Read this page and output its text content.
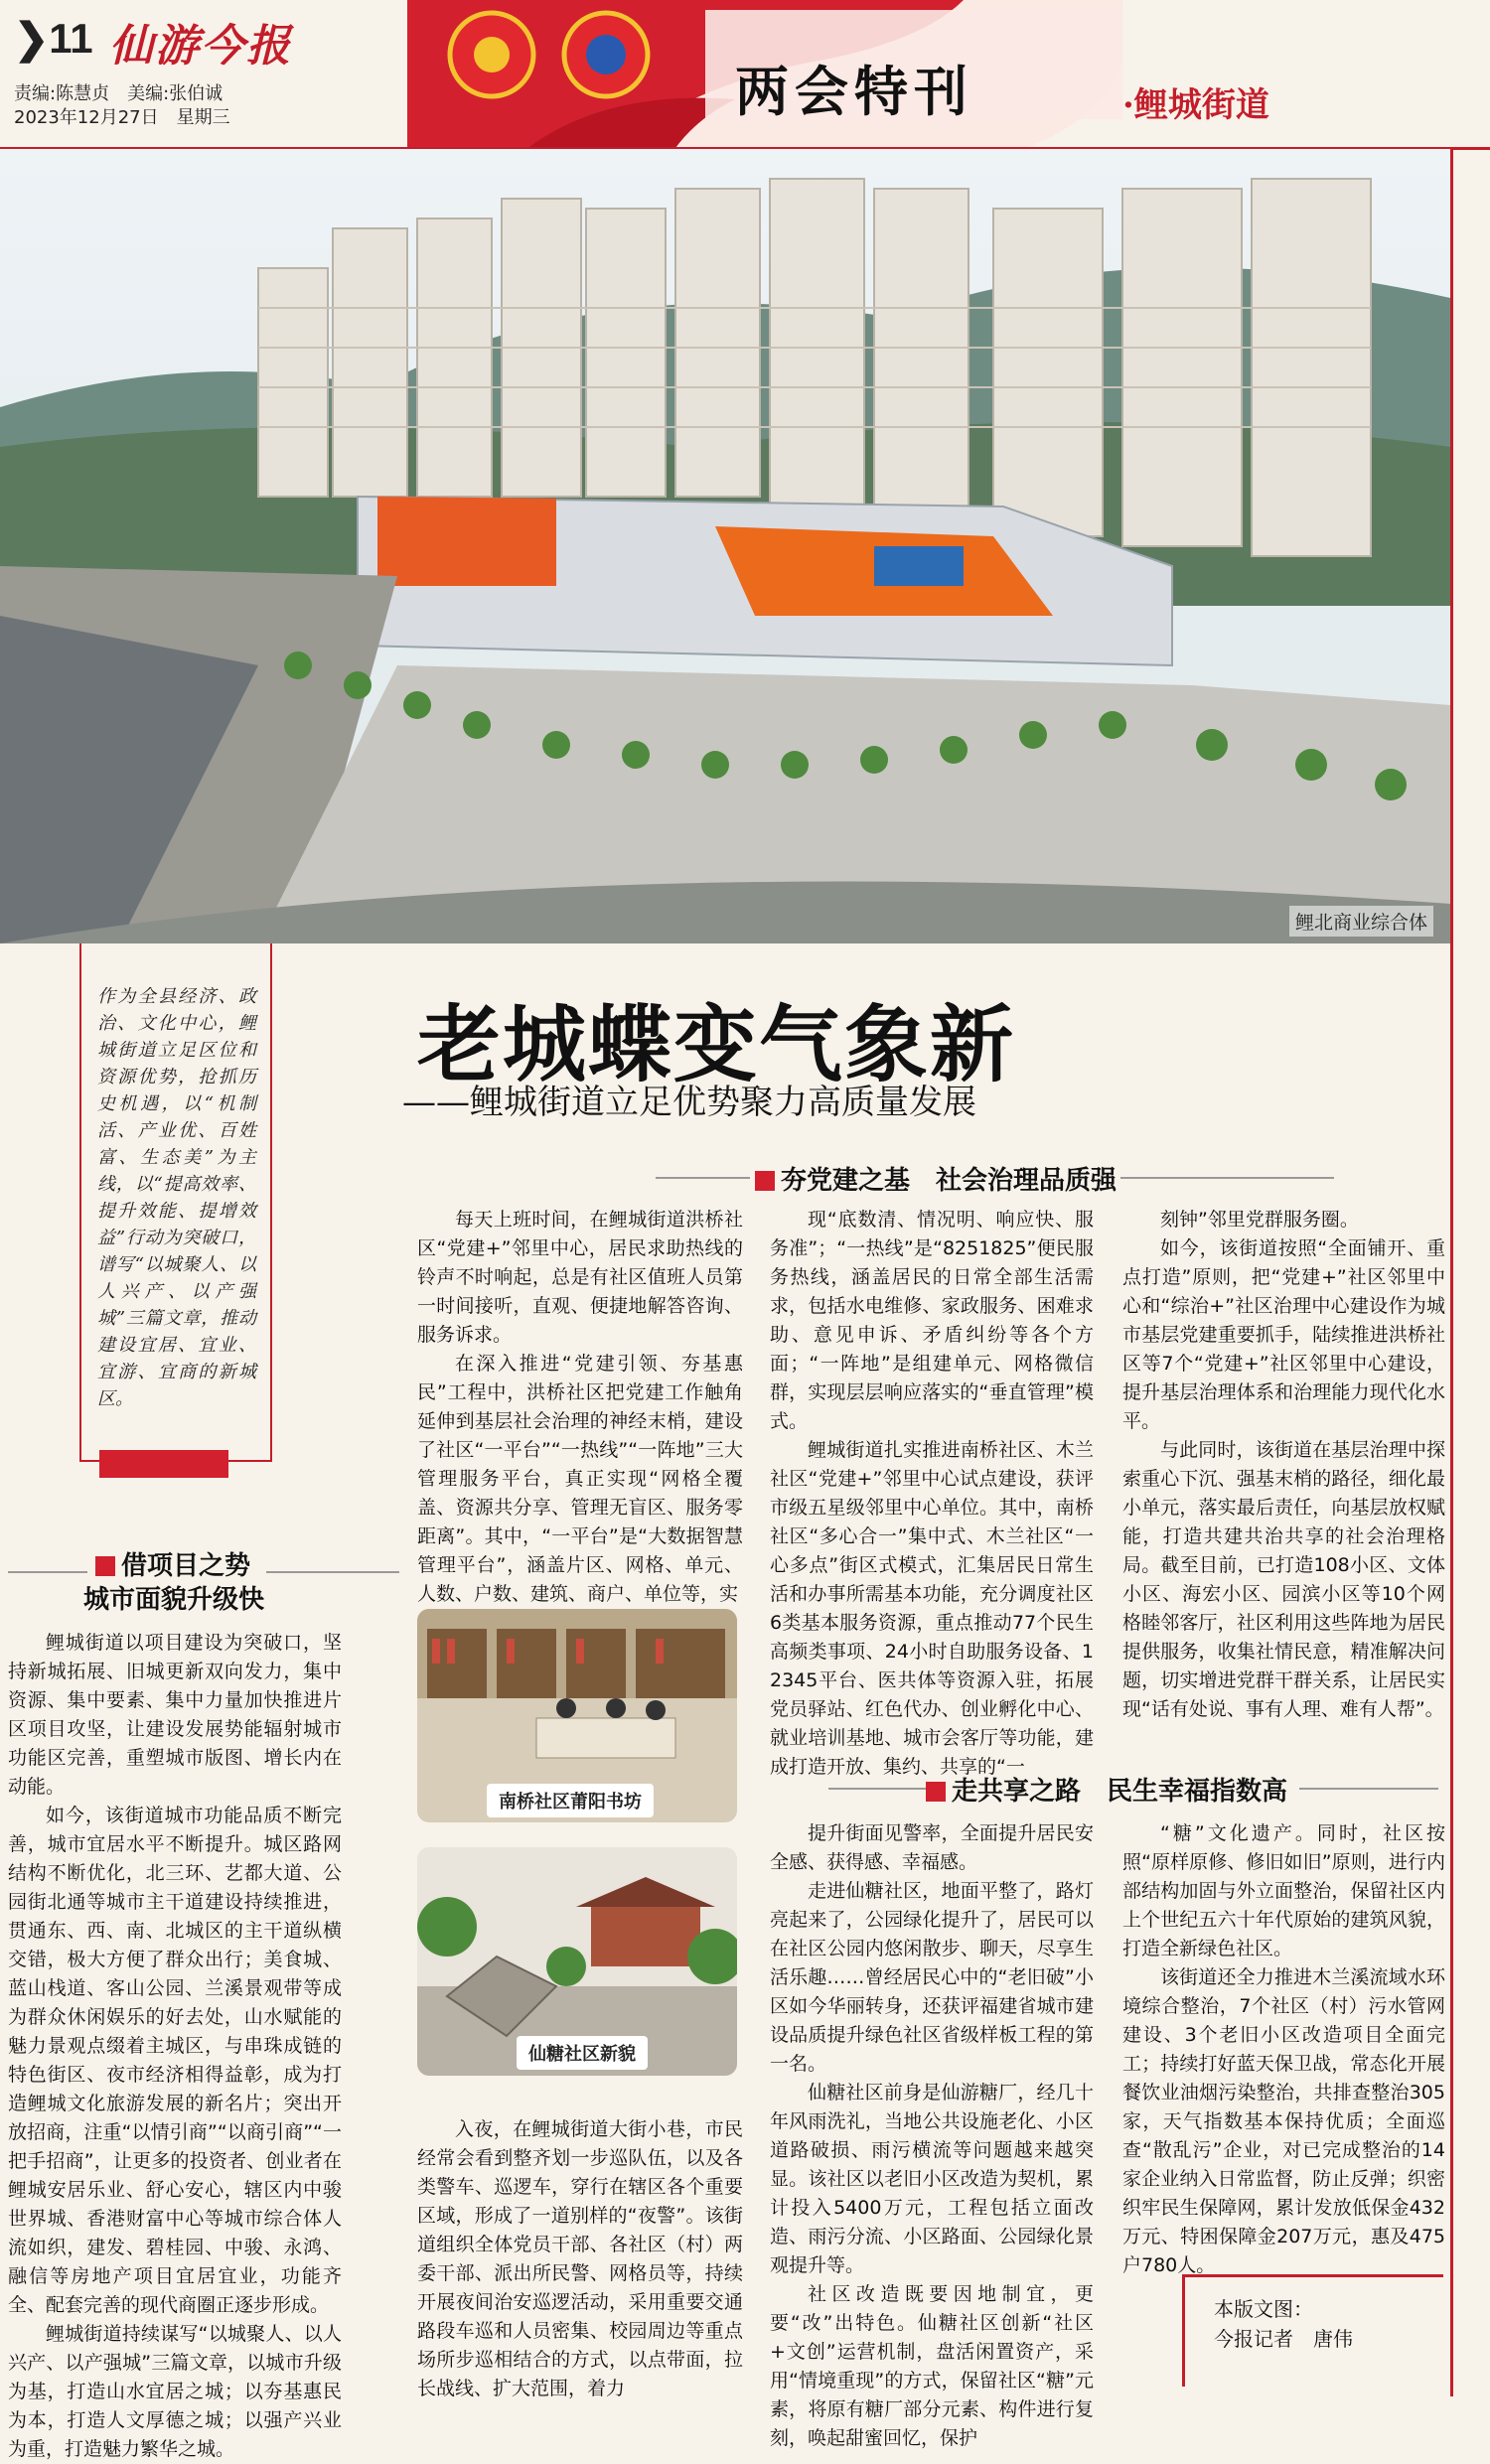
❯11 仙游今报
责编:陈慧贞　美编:张伯诚
2023年12月27日　星期三	两会特刊	·鲤城街道
鲤北商业综合体
作为全县经济、政治、文化中心，鲤城街道立足区位和资源优势，抢抓历史机遇，以“机制活、产业优、百姓富、生态美”为主线，以“提高效率、提升效能、提增效益”行动为突破口，谱写“以城聚人、以人兴产、以产强城”三篇文章，推动建设宜居、宜业、宜游、宜商的新城区。
老城蝶变气象新
——鲤城街道立足优势聚力高质量发展
夯党建之基　社会治理品质强
借项目之势
城市面貌升级快

鲤城街道以项目建设为突破口，坚持新城拓展、旧城更新双向发力，集中资源、集中要素、集中力量加快推进片区项目攻坚，让建设发展势能辐射城市功能区完善，重塑城市版图、增长内在动能。

如今，该街道城市功能品质不断完善，城市宜居水平不断提升。城区路网结构不断优化，北三环、艺都大道、公园街北通等城市主干道建设持续推进，贯通东、西、南、北城区的主干道纵横交错，极大方便了群众出行；美食城、蓝山栈道、客山公园、兰溪景观带等成为群众休闲娱乐的好去处，山水赋能的魅力景观点缀着主城区，与串珠成链的特色街区、夜市经济相得益彰，成为打造鲤城文化旅游发展的新名片；突出开放招商，注重“以情引商”“以商引商”“一把手招商”，让更多的投资者、创业者在鲤城安居乐业、舒心安心，辖区内中骏世界城、香港财富中心等城市综合体人流如织，建发、碧桂园、中骏、永鸿、融信等房地产项目宜居宜业，功能齐全、配套完善的现代商圈正逐步形成。

鲤城街道持续谋写“以城聚人、以人兴产、以产强城”三篇文章，以城市升级为基，打造山水宜居之城；以夯基惠民为本，打造人文厚德之城；以强产兴业为重，打造魅力繁华之城。

每天上班时间，在鲤城街道洪桥社区“党建+”邻里中心，居民求助热线的铃声不时响起，总是有社区值班人员第一时间接听，直观、便捷地解答咨询、服务诉求。

在深入推进“党建引领、夯基惠民”工程中，洪桥社区把党建工作触角延伸到基层社会治理的神经末梢，建设了社区“一平台”“一热线”“一阵地”三大管理服务平台，真正实现“网格全覆盖、资源共分享、管理无盲区、服务零距离”。其中，“一平台”是“大数据智慧管理平台”，涵盖片区、网格、单元、人数、户数、建筑、商户、单位等，实

现“底数清、情况明、响应快、服务准”；“一热线”是“8251825”便民服务热线，涵盖居民的日常全部生活需求，包括水电维修、家政服务、困难求助、意见申诉、矛盾纠纷等各个方面；“一阵地”是组建单元、网格微信群，实现层层响应落实的“垂直管理”模式。

鲤城街道扎实推进南桥社区、木兰社区“党建+”邻里中心试点建设，获评市级五星级邻里中心单位。其中，南桥社区“多心合一”集中式、木兰社区“一心多点”街区式模式，汇集居民日常生活和办事所需基本功能，充分调度社区6类基本服务资源，重点推动77个民生高频类事项、24小时自助服务设备、12345平台、医共体等资源入驻，拓展党员驿站、红色代办、创业孵化中心、就业培训基地、城市会客厅等功能，建成打造开放、集约、共享的“一

刻钟”邻里党群服务圈。

如今，该街道按照“全面铺开、重点打造”原则，把“党建+”社区邻里中心和“综治+”社区治理中心建设作为城市基层党建重要抓手，陆续推进洪桥社区等7个“党建+”社区邻里中心建设，提升基层治理体系和治理能力现代化水平。

与此同时，该街道在基层治理中探索重心下沉、强基末梢的路径，细化最小单元，落实最后责任，向基层放权赋能，打造共建共治共享的社会治理格局。截至目前，已打造108小区、文体小区、海宏小区、园滨小区等10个网格睦邻客厅，社区利用这些阵地为居民提供服务，收集社情民意，精准解决问题，切实增进党群干群关系，让居民实现“话有处说、事有人理、难有人帮”。

南桥社区莆阳书坊
仙糖社区新貌

入夜，在鲤城街道大街小巷，市民经常会看到整齐划一步巡队伍，以及各类警车、巡逻车，穿行在辖区各个重要区域，形成了一道别样的“夜警”。该街道组织全体党员干部、各社区（村）两委干部、派出所民警、网格员等，持续开展夜间治安巡逻活动，采用重要交通路段车巡和人员密集、校园周边等重点场所步巡相结合的方式，以点带面，拉长战线、扩大范围，着力

走共享之路　民生幸福指数高

提升街面见警率，全面提升居民安全感、获得感、幸福感。

走进仙糖社区，地面平整了，路灯亮起来了，公园绿化提升了，居民可以在社区公园内悠闲散步、聊天，尽享生活乐趣……曾经居民心中的“老旧破”小区如今华丽转身，还获评福建省城市建设品质提升绿色社区省级样板工程的第一名。

仙糖社区前身是仙游糖厂，经几十年风雨洗礼，当地公共设施老化、小区道路破损、雨污横流等问题越来越突显。该社区以老旧小区改造为契机，累计投入5400万元，工程包括立面改造、雨污分流、小区路面、公园绿化景观提升等。

社区改造既要因地制宜，更要“改”出特色。仙糖社区创新“社区+文创”运营机制，盘活闲置资产，采用“情境重现”的方式，保留社区“糖”元素，将原有糖厂部分元素、构件进行复刻，唤起甜蜜回忆，保护

“糖”文化遗产。同时，社区按照“原样原修、修旧如旧”原则，进行内部结构加固与外立面整治，保留社区内上个世纪五六十年代原始的建筑风貌，打造全新绿色社区。

该街道还全力推进木兰溪流域水环境综合整治，7个社区（村）污水管网建设、3个老旧小区改造项目全面完工；持续打好蓝天保卫战，常态化开展餐饮业油烟污染整治，共排查整治305家，天气指数基本保持优质；全面巡查“散乱污”企业，对已完成整治的14家企业纳入日常监督，防止反弹；织密织牢民生保障网，累计发放低保金432万元、特困保障金207万元，惠及475户780人。

本版文图：
今报记者　唐伟
